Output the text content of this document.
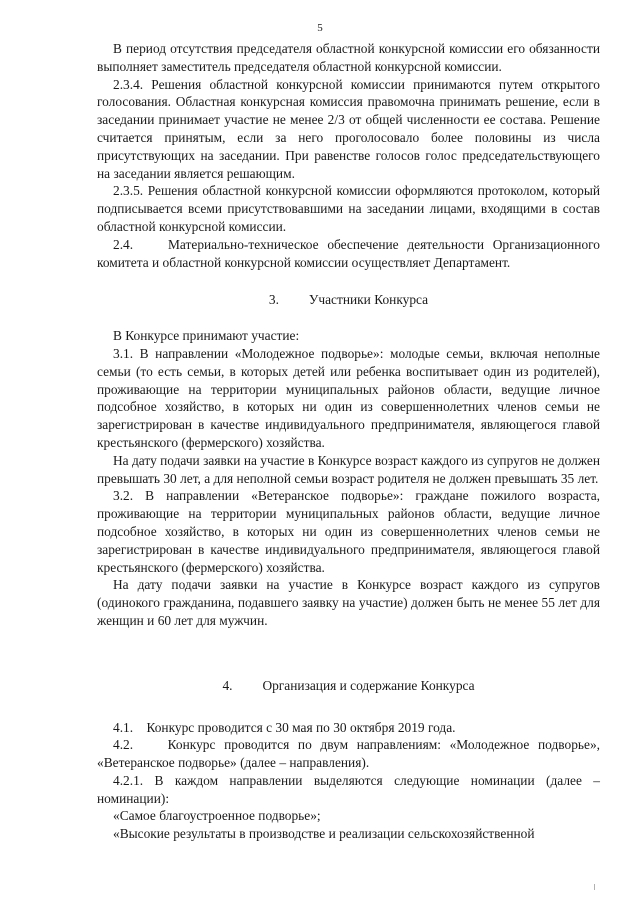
5

В период отсутствия председателя областной конкурсной комиссии его обязанности выполняет заместитель председателя областной конкурсной комиссии.

2.3.4. Решения областной конкурсной комиссии принимаются путем открытого голосования. Областная конкурсная комиссия правомочна принимать решение, если в заседании принимает участие не менее 2/3 от общей численности ее состава. Решение считается принятым, если за него проголосовало более половины из числа присутствующих на заседании. При равенстве голосов голос председательствующего на заседании является решающим.

2.3.5. Решения областной конкурсной комиссии оформляются протоколом, который подписывается всеми присутствовавшими на заседании лицами, входящими в состав областной конкурсной комиссии.

2.4.    Материально-техническое обеспечение деятельности Организационного комитета и областной конкурсной комиссии осуществляет Департамент.

3. Участники Конкурса

В Конкурсе принимают участие:

3.1. В направлении «Молодежное подворье»: молодые семьи, включая неполные семьи (то есть семьи, в которых детей или ребенка воспитывает один из родителей), проживающие на территории муниципальных районов области, ведущие личное подсобное хозяйство, в которых ни один из совершеннолетних членов семьи не зарегистрирован в качестве индивидуального предпринимателя, являющегося главой крестьянского (фермерского) хозяйства.

На дату подачи заявки на участие в Конкурсе возраст каждого из супругов не должен превышать 30 лет, а для неполной семьи возраст родителя не должен превышать 35 лет.

3.2. В направлении «Ветеранское подворье»: граждане пожилого возраста, проживающие на территории муниципальных районов области, ведущие личное подсобное хозяйство, в которых ни один из совершеннолетних членов семьи не зарегистрирован в качестве индивидуального предпринимателя, являющегося главой крестьянского (фермерского) хозяйства.

На дату подачи заявки на участие в Конкурсе возраст каждого из супругов (одинокого гражданина, подавшего заявку на участие) должен быть не менее 55 лет для женщин и 60 лет для мужчин.

4. Организация и содержание Конкурса

4.1.    Конкурс проводится с 30 мая по 30 октября 2019 года.

4.2.    Конкурс проводится по двум направлениям: «Молодежное подворье», «Ветеранское подворье» (далее – направления).

4.2.1. В каждом направлении выделяются следующие номинации (далее – номинации):

«Самое благоустроенное подворье»;

«Высокие результаты в производстве и реализации сельскохозяйственной
